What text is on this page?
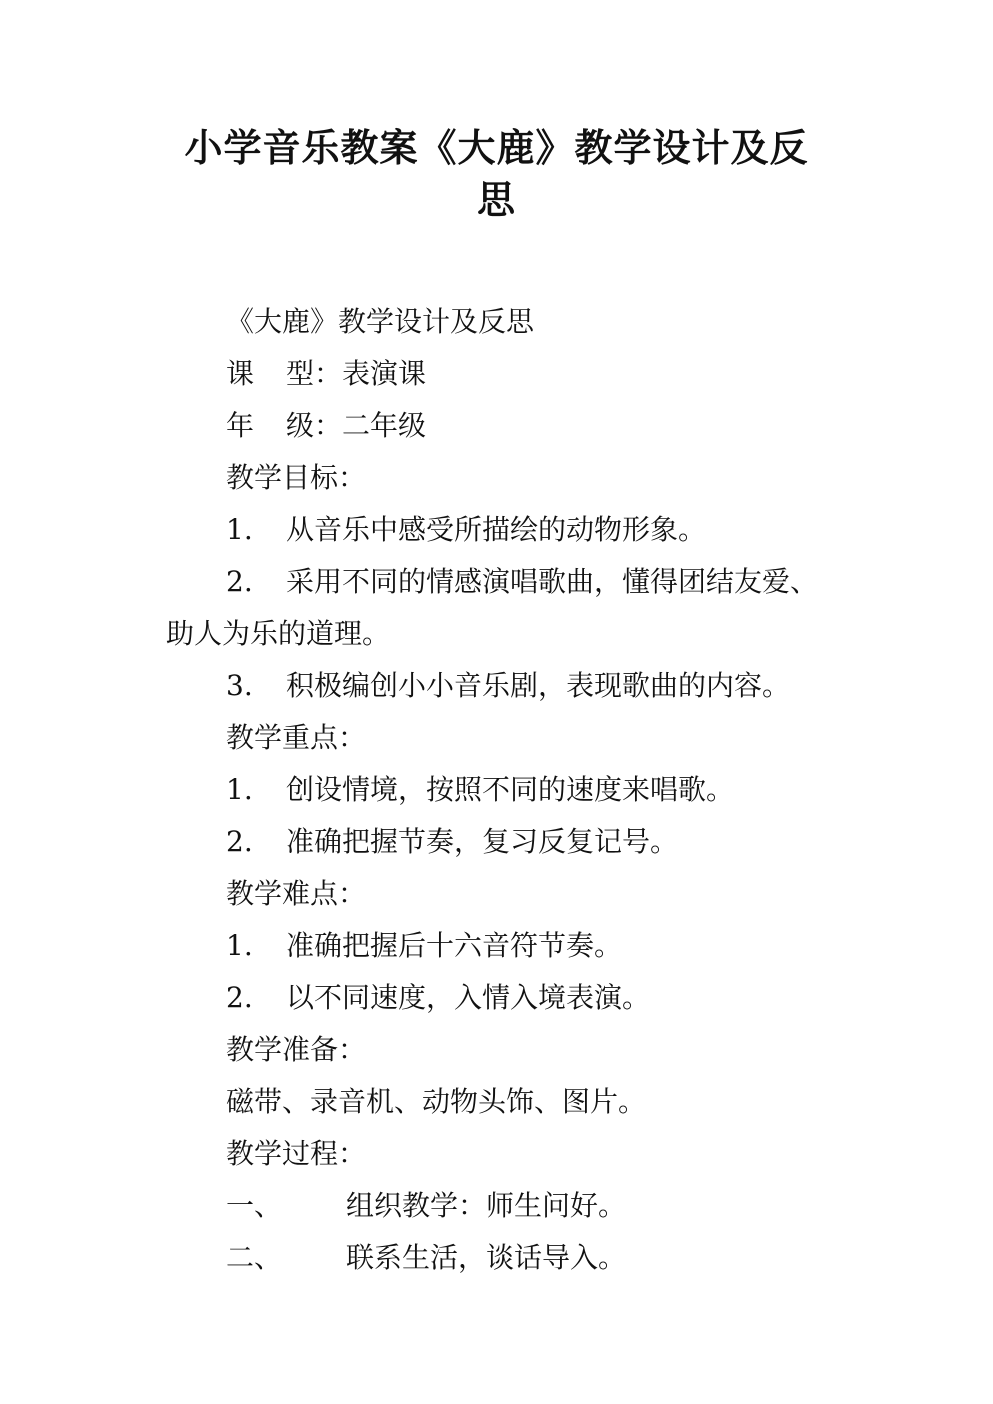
小学音乐教案《大鹿》教学设计及反
思
《大鹿》教学设计及反思
课 型：表演课
年 级：二年级
教学目标：
1. 从音乐中感受所描绘的动物形象。
2. 采用不同的情感演唱歌曲，懂得团结友爱、
助人为乐的道理。
3. 积极编创小小音乐剧，表现歌曲的内容。
教学重点：
1. 创设情境，按照不同的速度来唱歌。
2. 准确把握节奏，复习反复记号。
教学难点：
1. 准确把握后十六音符节奏。
2. 以不同速度，入情入境表演。
教学准备：
磁带、录音机、动物头饰、图片。
教学过程：
一、 组织教学：师生问好。
二、 联系生活，谈话导入。
